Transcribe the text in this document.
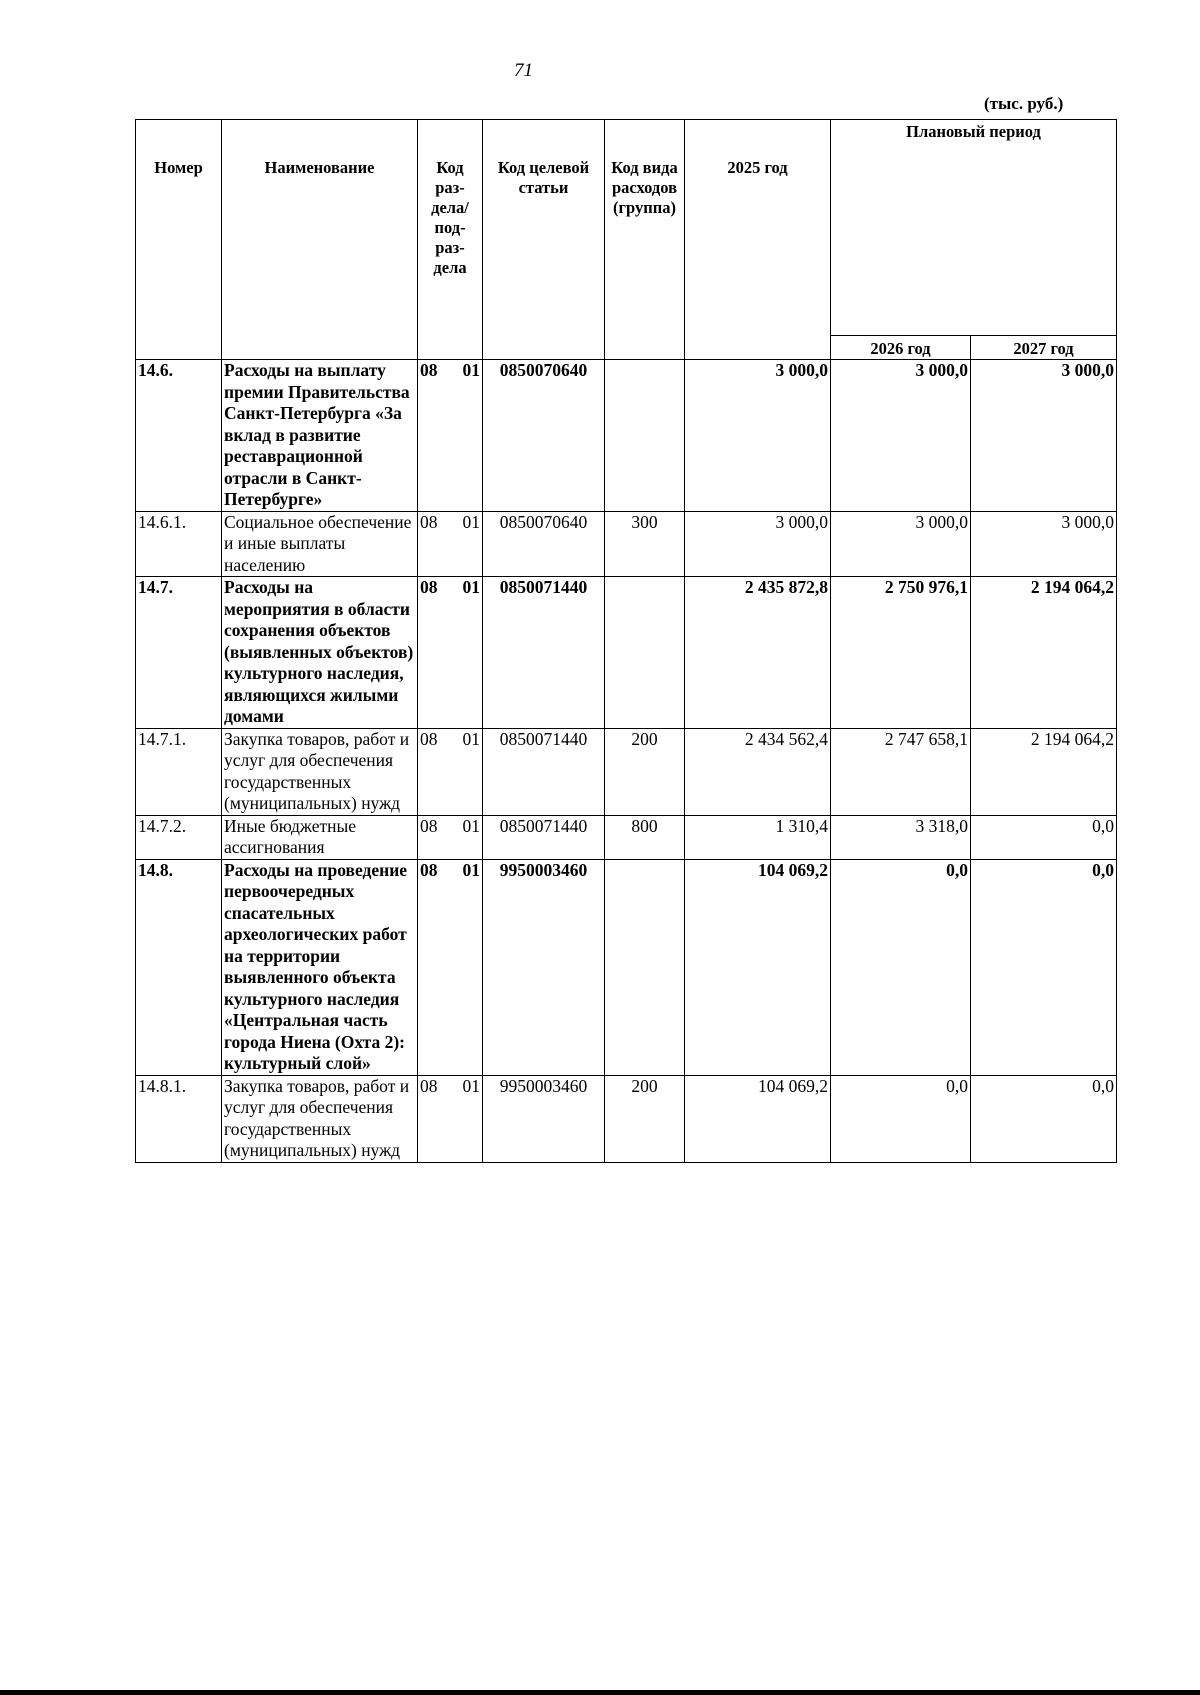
71
(тыс. руб.)
Номер	Наименование	Код раз-дела/ под-раз-дела	Код целевой статьи	Код вида расходов (группа)	2025 год	Плановый период	
						2026 год	2027 год
14.6.	Расходы на выплату премии Правительства Санкт-Петербурга «За вклад в развитие реставрационной отрасли в Санкт-Петербурге»	08 01	0850070640		3 000,0	3 000,0	3 000,0
14.6.1.	Социальное обеспечение и иные выплаты населению	08 01	0850070640	300	3 000,0	3 000,0	3 000,0
14.7.	Расходы на мероприятия в области сохранения объектов (выявленных объектов) культурного наследия, являющихся жилыми домами	08 01	0850071440		2 435 872,8	2 750 976,1	2 194 064,2
14.7.1.	Закупка товаров, работ и услуг для обеспечения государственных (муниципальных) нужд	08 01	0850071440	200	2 434 562,4	2 747 658,1	2 194 064,2
14.7.2.	Иные бюджетные ассигнования	08 01	0850071440	800	1 310,4	3 318,0	0,0
14.8.	Расходы на проведение первоочередных спасательных археологических работ на территории выявленного объекта культурного наследия «Центральная часть города Ниена (Охта 2): культурный слой»	08 01	9950003460		104 069,2	0,0	0,0
14.8.1.	Закупка товаров, работ и услуг для обеспечения государственных (муниципальных) нужд	08 01	9950003460	200	104 069,2	0,0	0,0
